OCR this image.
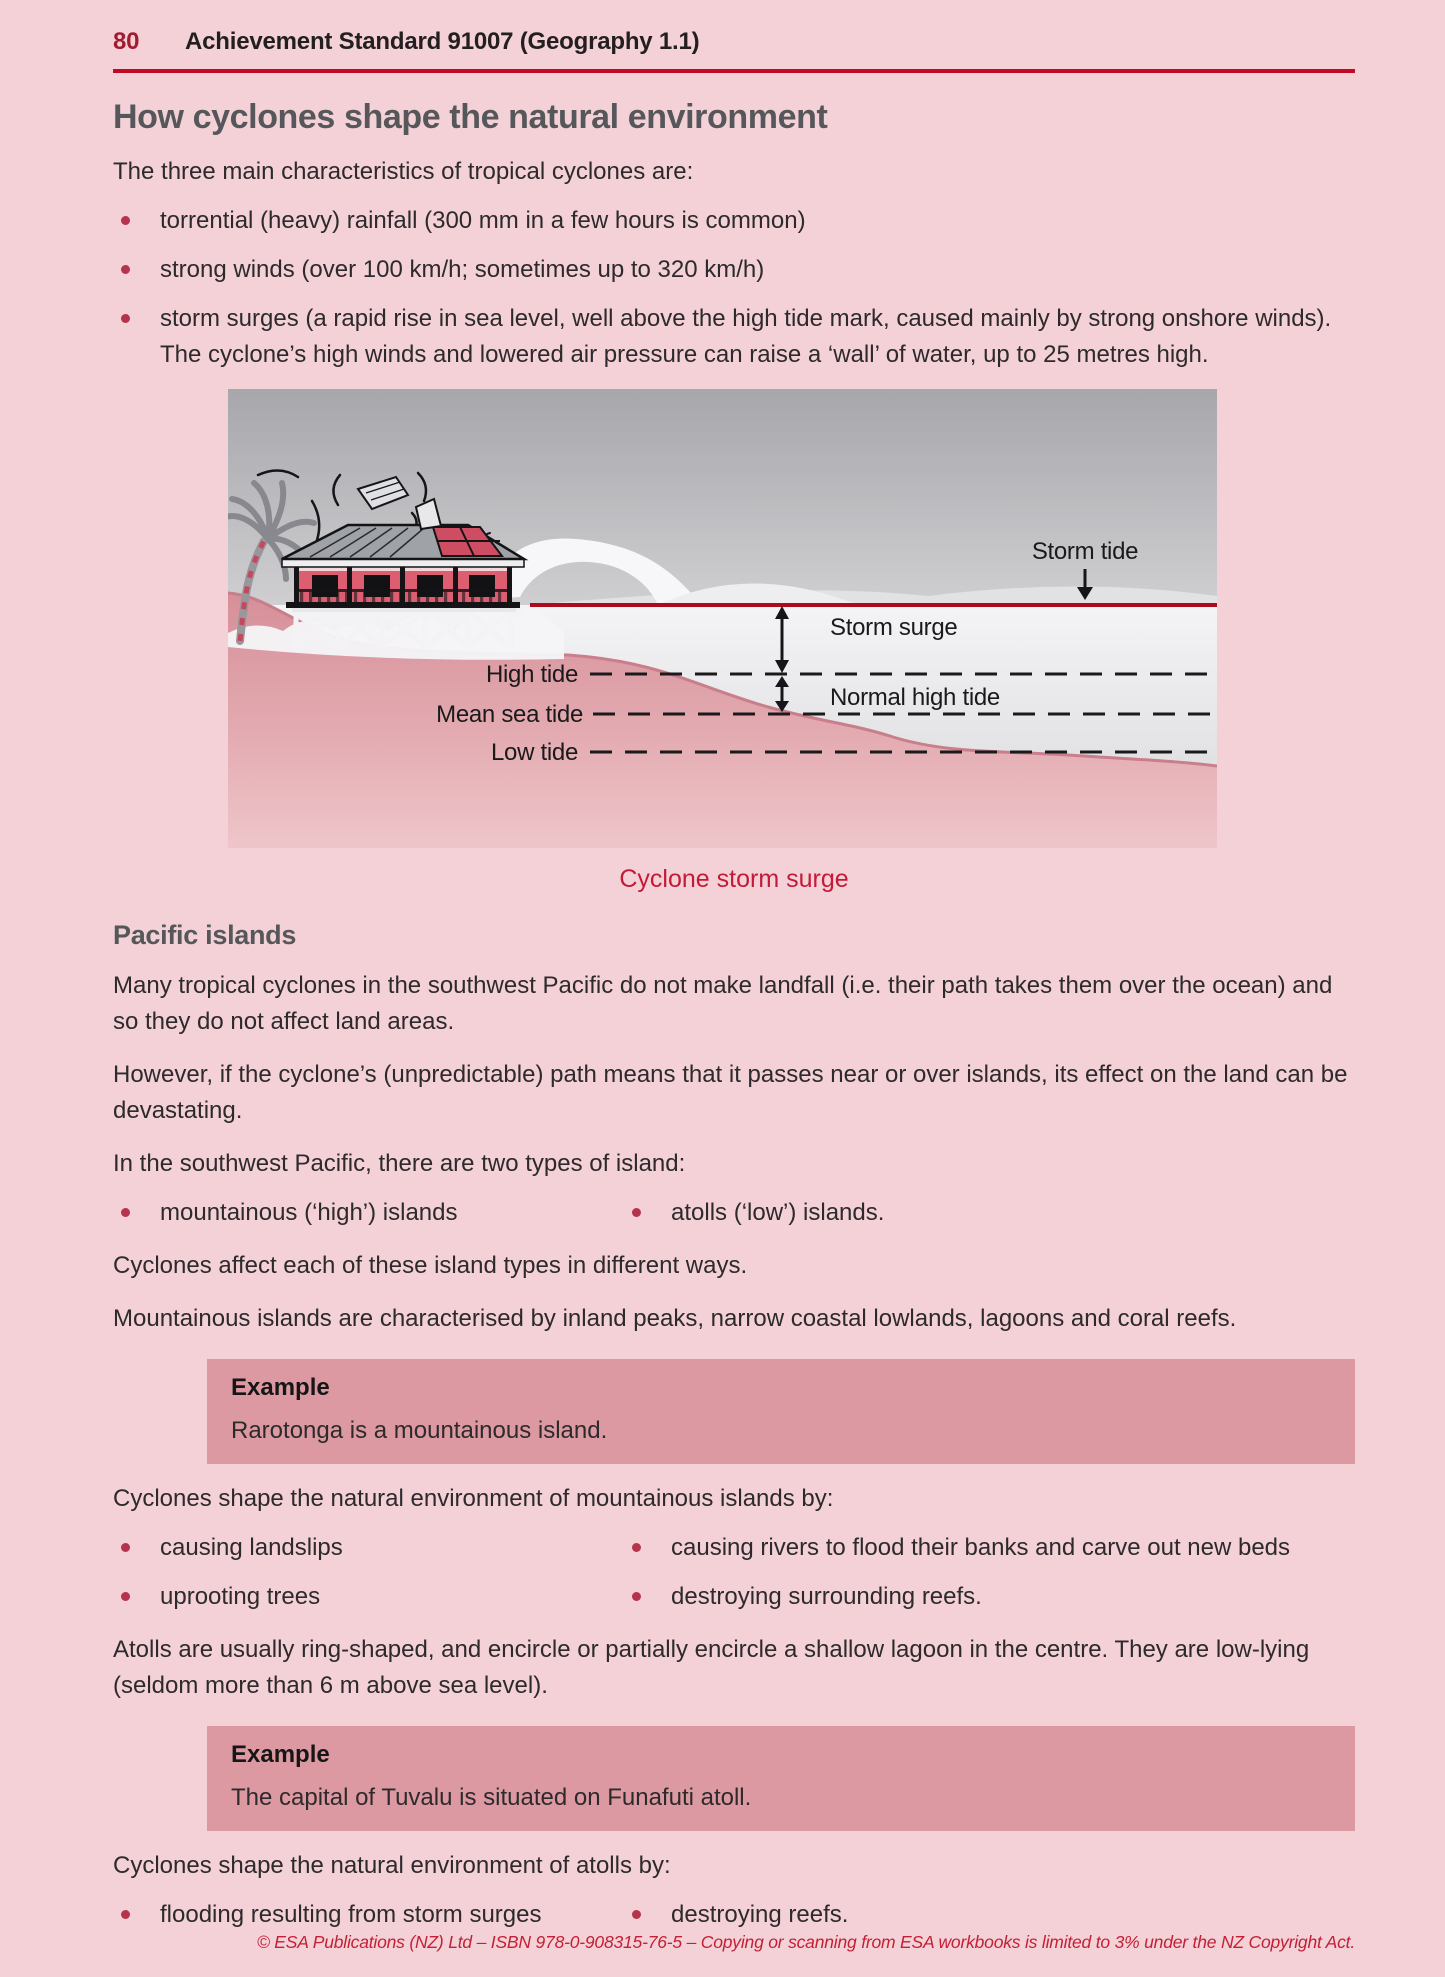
80	Achievement Standard 91007 (Geography 1.1)
How cyclones shape the natural environment

The three main characteristics of tropical cyclones are:

torrential (heavy) rainfall (300 mm in a few hours is common)
strong winds (over 100 km/h; sometimes up to 320 km/h)
storm surges (a rapid rise in sea level, well above the high tide mark, caused mainly by strong onshore winds). The cyclone’s high winds and lowered air pressure can raise a ‘wall’ of water, up to 25 metres high.
Storm tide
Storm surge
High tide
Normal high tide
Mean sea tide
Low tide
Cyclone storm surge
Pacific islands

Many tropical cyclones in the southwest Pacific do not make landfall (i.e. their path takes them over the ocean) and so they do not affect land areas.

However, if the cyclone’s (unpredictable) path means that it passes near or over islands, its effect on the land can be devastating.

In the southwest Pacific, there are two types of island:

mountainous (‘high’) islands	atolls (‘low’) islands.

Cyclones affect each of these island types in different ways.

Mountainous islands are characterised by inland peaks, narrow coastal lowlands, lagoons and coral reefs.

Example
Rarotonga is a mountainous island.

Cyclones shape the natural environment of mountainous islands by:

causing landslips
uprooting trees
causing rivers to flood their banks and carve out new beds
destroying surrounding reefs.

Atolls are usually ring-shaped, and encircle or partially encircle a shallow lagoon in the centre. They are low-lying (seldom more than 6 m above sea level).

Example
The capital of Tuvalu is situated on Funafuti atoll.

Cyclones shape the natural environment of atolls by:

flooding resulting from storm surges	destroying reefs.
© ESA Publications (NZ) Ltd – ISBN 978-0-908315-76-5 – Copying or scanning from ESA workbooks is limited to 3% under the NZ Copyright Act.
